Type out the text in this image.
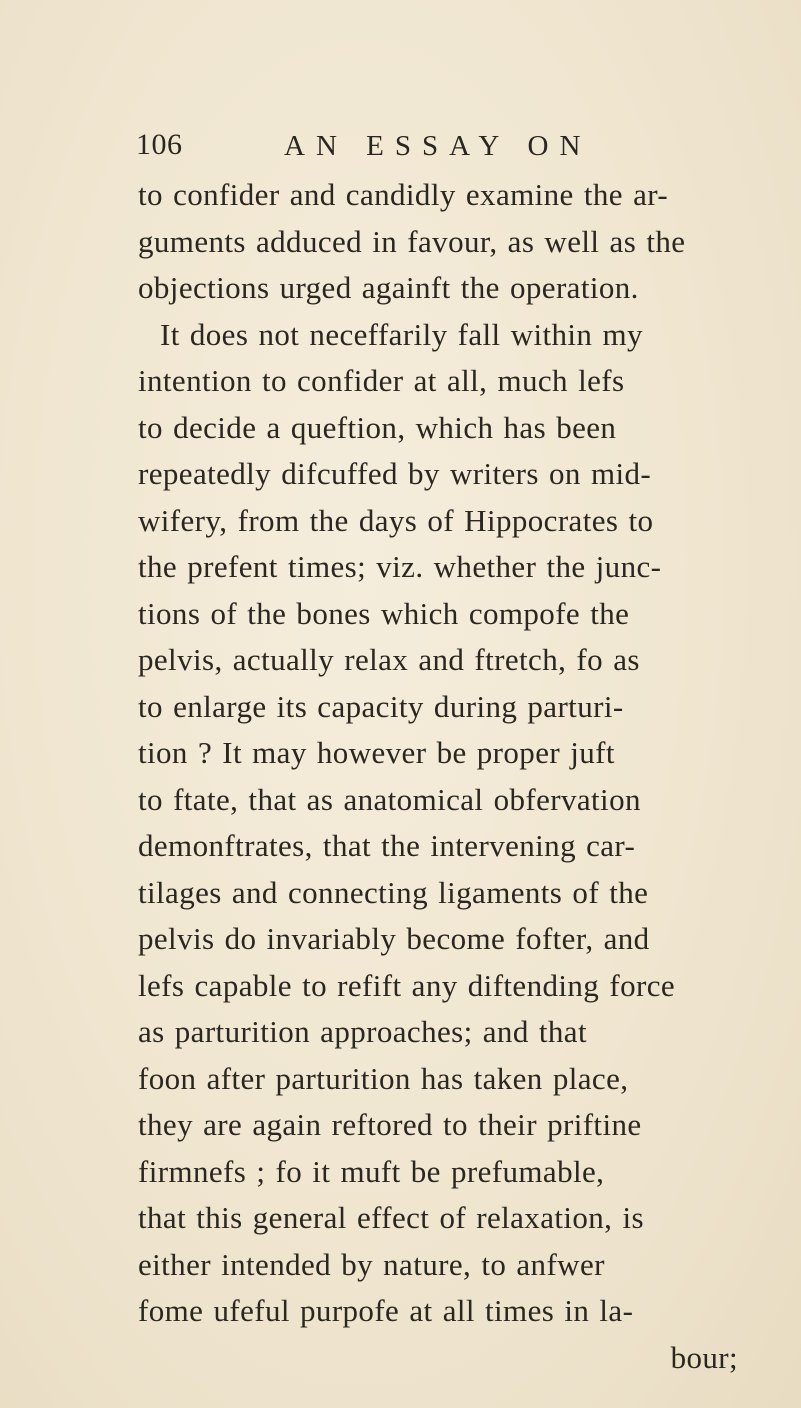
106	AN ESSAY ON
to confider and candidly examine the ar-
guments adduced in favour, as well as the
objections urged againft the operation.
It does not neceffarily fall within my
intention to confider at all, much lefs
to decide a queftion, which has been
repeatedly difcuffed by writers on mid-
wifery, from the days of Hippocrates to
the prefent times; viz. whether the junc-
tions of the bones which compofe the
pelvis, actually relax and ftretch, fo as
to enlarge its capacity during parturi-
tion ? It may however be proper juft
to ftate, that as anatomical obfervation
demonftrates, that the intervening car-
tilages and connecting ligaments of the
pelvis do invariably become fofter, and
lefs capable to refift any diftending force
as parturition approaches; and that
foon after parturition has taken place,
they are again reftored to their priftine
firmnefs ; fo it muft be prefumable,
that this general effect of relaxation, is
either intended by nature, to anfwer
fome ufeful purpofe at all times in la-
bour;
